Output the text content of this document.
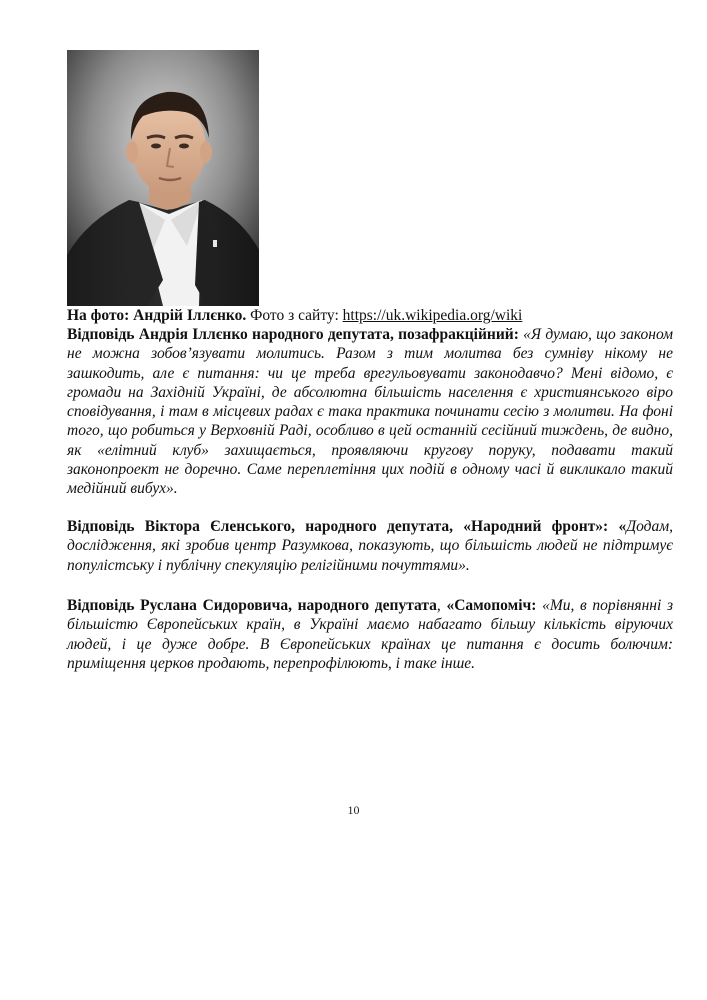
На фото: Андрій Іллєнко. Фото з сайту: https://uk.wikipedia.org/wiki
Відповідь Андрія Іллєнко народного депутата, позафракційний: «Я думаю, що законом не можна зобов’язувати молитись. Разом з тим молитва без сумніву нікому не зашкодить, але є питання: чи це треба врегульовувати законодавчо? Мені відомо, є громади на Західній Україні, де абсолютна більшість населення є християнського віро сповідування, і там в місцевих радах є така практика починати сесію з молитви. На фоні того, що робиться у Верховній Раді, особливо в цей останній сесійний тиждень, де видно, як «елітний клуб» захищається, проявляючи кругову поруку, подавати такий законопроект не доречно. Саме переплетіння цих подій в одному часі й викликало такий медійний вибух».
Відповідь Віктора Єленського, народного депутата, «Народний фронт»: «Додам, дослідження, які зробив центр Разумкова, показують, що більшість людей не підтримує популістську і публічну спекуляцію релігійними почуттями».
Відповідь Руслана Сидоровича, народного депутата, «Самопоміч: «Ми, в порівнянні з більшістю Європейських країн, в Україні маємо набагато більшу кількість віруючих людей, і це дуже добре. В Європейських країнах це питання є досить болючим: приміщення церков продають, перепрофілюють, і таке інше.
10
